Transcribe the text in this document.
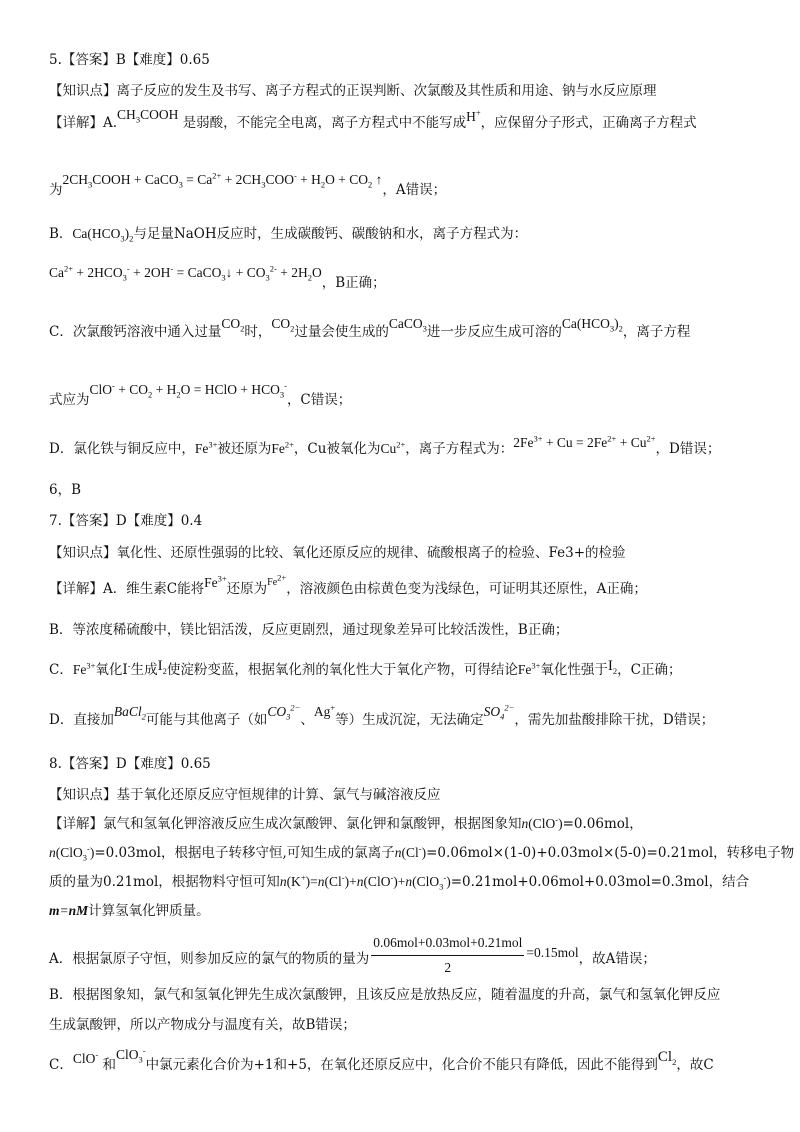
5.【答案】B【难度】0.65
【知识点】离子反应的发生及书写、离子方程式的正误判断、次氯酸及其性质和用途、钠与水反应原理
【详解】$A.CH_3COOH$ 是弱酸，不能完全电离，离子方程式中不能写成H+，应保留分子形式，正确离子方程式
为$2CH_3COOH$ + CaCO$_3$ = $Ca^{2+} + 2CH_3COO^- + H_2O + CO_2$ ↑，A错误；
B．$Ca(HCO_3)_2$与足量NaOH反应时，生成碳酸钙、碳酸钠和水，离子方程式为：
$Ca^{2+} + 2HCO_3^- + 2OH^-$ = CaCO$_3$↓ + $CO_3^{2-} + 2H_2O$，B正确；
C．次氯酸钙溶液中通入过量$CO_2$时，$CO_2$过量会使生成的CaCO$_3$进一步反应生成可溶的$Ca(HCO_3)_2$，离子方程
式应为$ClO^- + CO_2 + H_2O$ = HClO + $HCO_3^-$，C错误；
D．氯化铁与铜反应中，$Fe^{3+}$被还原为$Fe^{2+}$，Cu被氧化为$Cu^{2+}$，离子方程式为：$2Fe^{3+} + Cu = 2Fe^{2+} + Cu^{2+}$，D错误；
6，B
7.【答案】D【难度】0.4
【知识点】氧化性、还原性强弱的比较、氧化还原反应的规律、硫酸根离子的检验、Fe3+的检验
【详解】A．维生素C能将$Fe^{3+}$还原为$^{Fe^{2+}}$，溶液颜色由棕黄色变为浅绿色，可证明其还原性，A正确；
B．等浓度稀硫酸中，镁比铝活泼，反应更剧烈，通过现象差异可比较活泼性，B正确；
C．$Fe^{3+}$氧化I-生成$I_2$使淀粉变蓝，根据氧化剂的氧化性大于氧化产物，可得结论$Fe^{3+}$氧化性强于$I_2$，C正确；
D．直接加BaCl$_2$可能与其他离子（如$CO_3^{2-}$、Ag+等）生成沉淀，无法确定$SO_4^{2-}$，需先加盐酸排除干扰，D错误；
8.【答案】D【难度】0.65
【知识点】基于氧化还原反应守恒规律的计算、氯气与碱溶液反应
【详解】氯气和氢氧化钾溶液反应生成次氯酸钾、氯化钾和氯酸钾，根据图象知n(ClO-)=0.06mol，
n(ClO$_3$-)=0.03mol，根据电子转移守恒,可知生成的氯离子n(Cl-)=0.06mol×(1-0)+0.03mol×(5-0)=0.21mol，转移电子物
质的量为0.21mol，根据物料守恒可知n(K+)=n(Cl-)+n(ClO-)+n(ClO$_3$-)=0.21mol+0.06mol+0.03mol=0.3mol，结合
m=nM计算氢氧化钾质量。
A．根据氯原子守恒，则参加反应的氯气的物质的量为 $\frac{\text{0.06mol+0.03mol+0.21mol}}{2} =0.15mol$，故A错误；
B．根据图象知，氯气和氢氧化钾先生成次氯酸钾，且该反应是放热反应，随着温度的升高，氯气和氢氧化钾反应
生成氯酸钾，所以产物成分与温度有关，故B错误；
C．ClO- 和ClO$_3$-中氯元素化合价为+1和+5，在氧化还原反应中，化合价不能只有降低，因此不能得到$Cl_2$，故C
